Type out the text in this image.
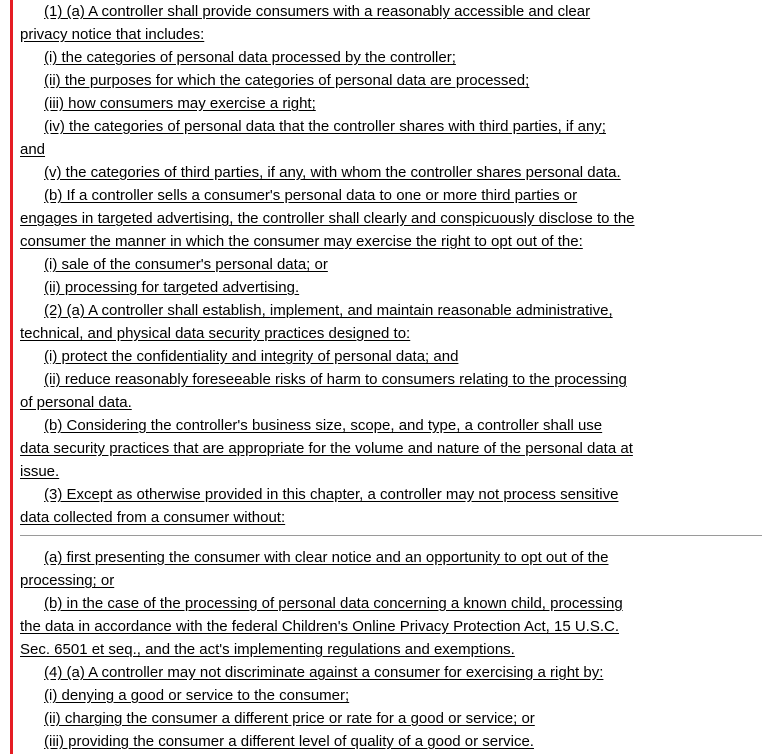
(1) (a) A controller shall provide consumers with a reasonably accessible and clear
privacy notice that includes:

(i) the categories of personal data processed by the controller;

(ii) the purposes for which the categories of personal data are processed;

(iii) how consumers may exercise a right;

(iv) the categories of personal data that the controller shares with third parties, if any;
and

(v) the categories of third parties, if any, with whom the controller shares personal data.

(b) If a controller sells a consumer's personal data to one or more third parties or
engages in targeted advertising, the controller shall clearly and conspicuously disclose to the
consumer the manner in which the consumer may exercise the right to opt out of the:

(i) sale of the consumer's personal data; or

(ii) processing for targeted advertising.

(2) (a) A controller shall establish, implement, and maintain reasonable administrative,
technical, and physical data security practices designed to:

(i) protect the confidentiality and integrity of personal data; and

(ii) reduce reasonably foreseeable risks of harm to consumers relating to the processing
of personal data.

(b) Considering the controller's business size, scope, and type, a controller shall use
data security practices that are appropriate for the volume and nature of the personal data at
issue.

(3) Except as otherwise provided in this chapter, a controller may not process sensitive
data collected from a consumer without:

(a) first presenting the consumer with clear notice and an opportunity to opt out of the
processing; or

(b) in the case of the processing of personal data concerning a known child, processing
the data in accordance with the federal Children's Online Privacy Protection Act, 15 U.S.C.
Sec. 6501 et seq., and the act's implementing regulations and exemptions.

(4) (a) A controller may not discriminate against a consumer for exercising a right by:

(i) denying a good or service to the consumer;

(ii) charging the consumer a different price or rate for a good or service; or

(iii) providing the consumer a different level of quality of a good or service.
